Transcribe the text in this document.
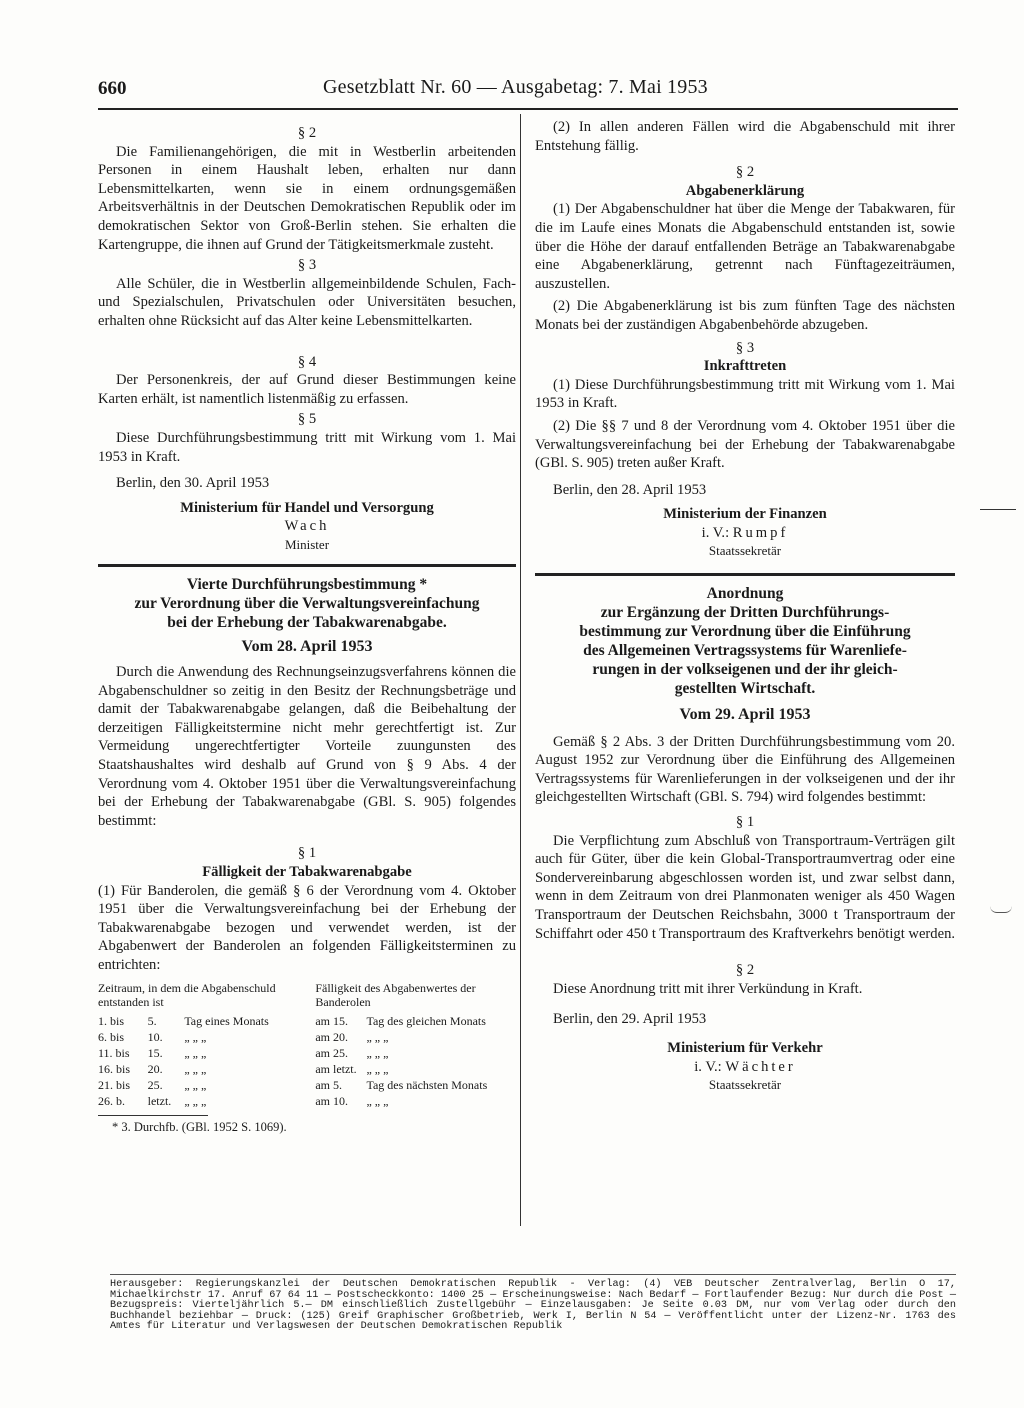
660	Gesetzblatt Nr. 60 — Ausgabetag: 7. Mai 1953

§ 2

Die Familienangehörigen, die mit in Westberlin arbeitenden Personen in einem Haushalt leben, erhalten nur dann Lebensmittelkarten, wenn sie in einem ordnungsgemäßen Arbeitsverhältnis in der Deutschen Demokratischen Republik oder im demokratischen Sektor von Groß-Berlin stehen. Sie erhalten die Kartengruppe, die ihnen auf Grund der Tätigkeitsmerkmale zusteht.

§ 3

Alle Schüler, die in Westberlin allgemeinbildende Schulen, Fach- und Spezialschulen, Privatschulen oder Universitäten besuchen, erhalten ohne Rücksicht auf das Alter keine Lebensmittelkarten.

§ 4

Der Personenkreis, der auf Grund dieser Bestimmungen keine Karten erhält, ist namentlich listenmäßig zu erfassen.

§ 5

Diese Durchführungsbestimmung tritt mit Wirkung vom 1. Mai 1953 in Kraft.

Berlin, den 30. April 1953

Ministerium für Handel und Versorgung

Wach

Minister

Vierte Durchführungsbestimmung *

zur Verordnung über die Verwaltungsvereinfachung

bei der Erhebung der Tabakwarenabgabe.

Vom 28. April 1953

Durch die Anwendung des Rechnungseinzugsverfahrens können die Abgabenschuldner so zeitig in den Besitz der Rechnungsbeträge und damit der Tabakwarenabgabe gelangen, daß die Beibehaltung der derzeitigen Fälligkeitstermine nicht mehr gerechtfertigt ist. Zur Vermeidung ungerechtfertigter Vorteile zuungunsten des Staatshaushaltes wird deshalb auf Grund von § 9 Abs. 4 der Verordnung vom 4. Oktober 1951 über die Verwaltungsvereinfachung bei der Erhebung der Tabakwarenabgabe (GBl. S. 905) folgendes bestimmt:

§ 1

Fälligkeit der Tabakwarenabgabe

(1) Für Banderolen, die gemäß § 6 der Verordnung vom 4. Oktober 1951 über die Verwaltungsvereinfachung bei der Erhebung der Tabakwarenabgabe bezogen und verwendet werden, ist der Abgabenwert der Banderolen an folgenden Fälligkeitsterminen zu entrichten:

Zeitraum, in dem die Abgabenschuld entstanden ist			Fälligkeit des Abgabenwertes der Banderolen	
1. bis	5.	Tag eines Monats	am 15.	Tag des gleichen Monats
6. bis	10.	„ „ „	am 20.	„ „ „
11. bis	15.	„ „ „	am 25.	„ „ „
16. bis	20.	„ „ „	am letzt.	„ „ „
21. bis	25.	„ „ „	am 5.	Tag des nächsten Monats
26. b.	letzt.	„ „ „	am 10.	„ „ „

* 3. Durchfb. (GBl. 1952 S. 1069).

(2) In allen anderen Fällen wird die Abgabenschuld mit ihrer Entstehung fällig.

§ 2

Abgabenerklärung

(1) Der Abgabenschuldner hat über die Menge der Tabakwaren, für die im Laufe eines Monats die Abgabenschuld entstanden ist, sowie über die Höhe der darauf entfallenden Beträge an Tabakwarenabgabe eine Abgabenerklärung, getrennt nach Fünftagezeiträumen, auszustellen.

(2) Die Abgabenerklärung ist bis zum fünften Tage des nächsten Monats bei der zuständigen Abgabenbehörde abzugeben.

§ 3

Inkrafttreten

(1) Diese Durchführungsbestimmung tritt mit Wirkung vom 1. Mai 1953 in Kraft.

(2) Die §§ 7 und 8 der Verordnung vom 4. Oktober 1951 über die Verwaltungsvereinfachung bei der Erhebung der Tabakwarenabgabe (GBl. S. 905) treten außer Kraft.

Berlin, den 28. April 1953

Ministerium der Finanzen

i. V.: Rumpf

Staatssekretär

Anordnung

zur Ergänzung der Dritten Durchführungs-

bestimmung zur Verordnung über die Einführung

des Allgemeinen Vertragssystems für Warenliefe-

rungen in der volkseigenen und der ihr gleich-

gestellten Wirtschaft.

Vom 29. April 1953

Gemäß § 2 Abs. 3 der Dritten Durchführungsbestimmung vom 20. August 1952 zur Verordnung über die Einführung des Allgemeinen Vertragssystems für Warenlieferungen in der volkseigenen und der ihr gleichgestellten Wirtschaft (GBl. S. 794) wird folgendes bestimmt:

§ 1

Die Verpflichtung zum Abschluß von Transportraum-Verträgen gilt auch für Güter, über die kein Global-Transportraumvertrag oder eine Sondervereinbarung abgeschlossen worden ist, und zwar selbst dann, wenn in dem Zeitraum von drei Planmonaten weniger als 450 Wagen Transportraum der Deutschen Reichsbahn, 3000 t Transportraum der Schiffahrt oder 450 t Transportraum des Kraftverkehrs benötigt werden.

§ 2

Diese Anordnung tritt mit ihrer Verkündung in Kraft.

Berlin, den 29. April 1953

Ministerium für Verkehr

i. V.: Wächter

Staatssekretär

Herausgeber: Regierungskanzlei der Deutschen Demokratischen Republik - Verlag: (4) VEB Deutscher Zentralverlag, Berlin O 17, Michaelkirchstr 17. Anruf 67 64 11 — Postscheckkonto: 1400 25 — Erscheinungsweise: Nach Bedarf — Fortlaufender Bezug: Nur durch die Post — Bezugspreis: Vierteljährlich 5.— DM einschließlich Zustellgebühr — Einzelausgaben: Je Seite 0.03 DM, nur vom Verlag oder durch den Buchhandel beziehbar — Druck: (125) Greif Graphischer Großbetrieb, Werk I, Berlin N 54 — Veröffentlicht unter der Lizenz-Nr. 1763 des Amtes für Literatur und Verlagswesen der Deutschen Demokratischen Republik
